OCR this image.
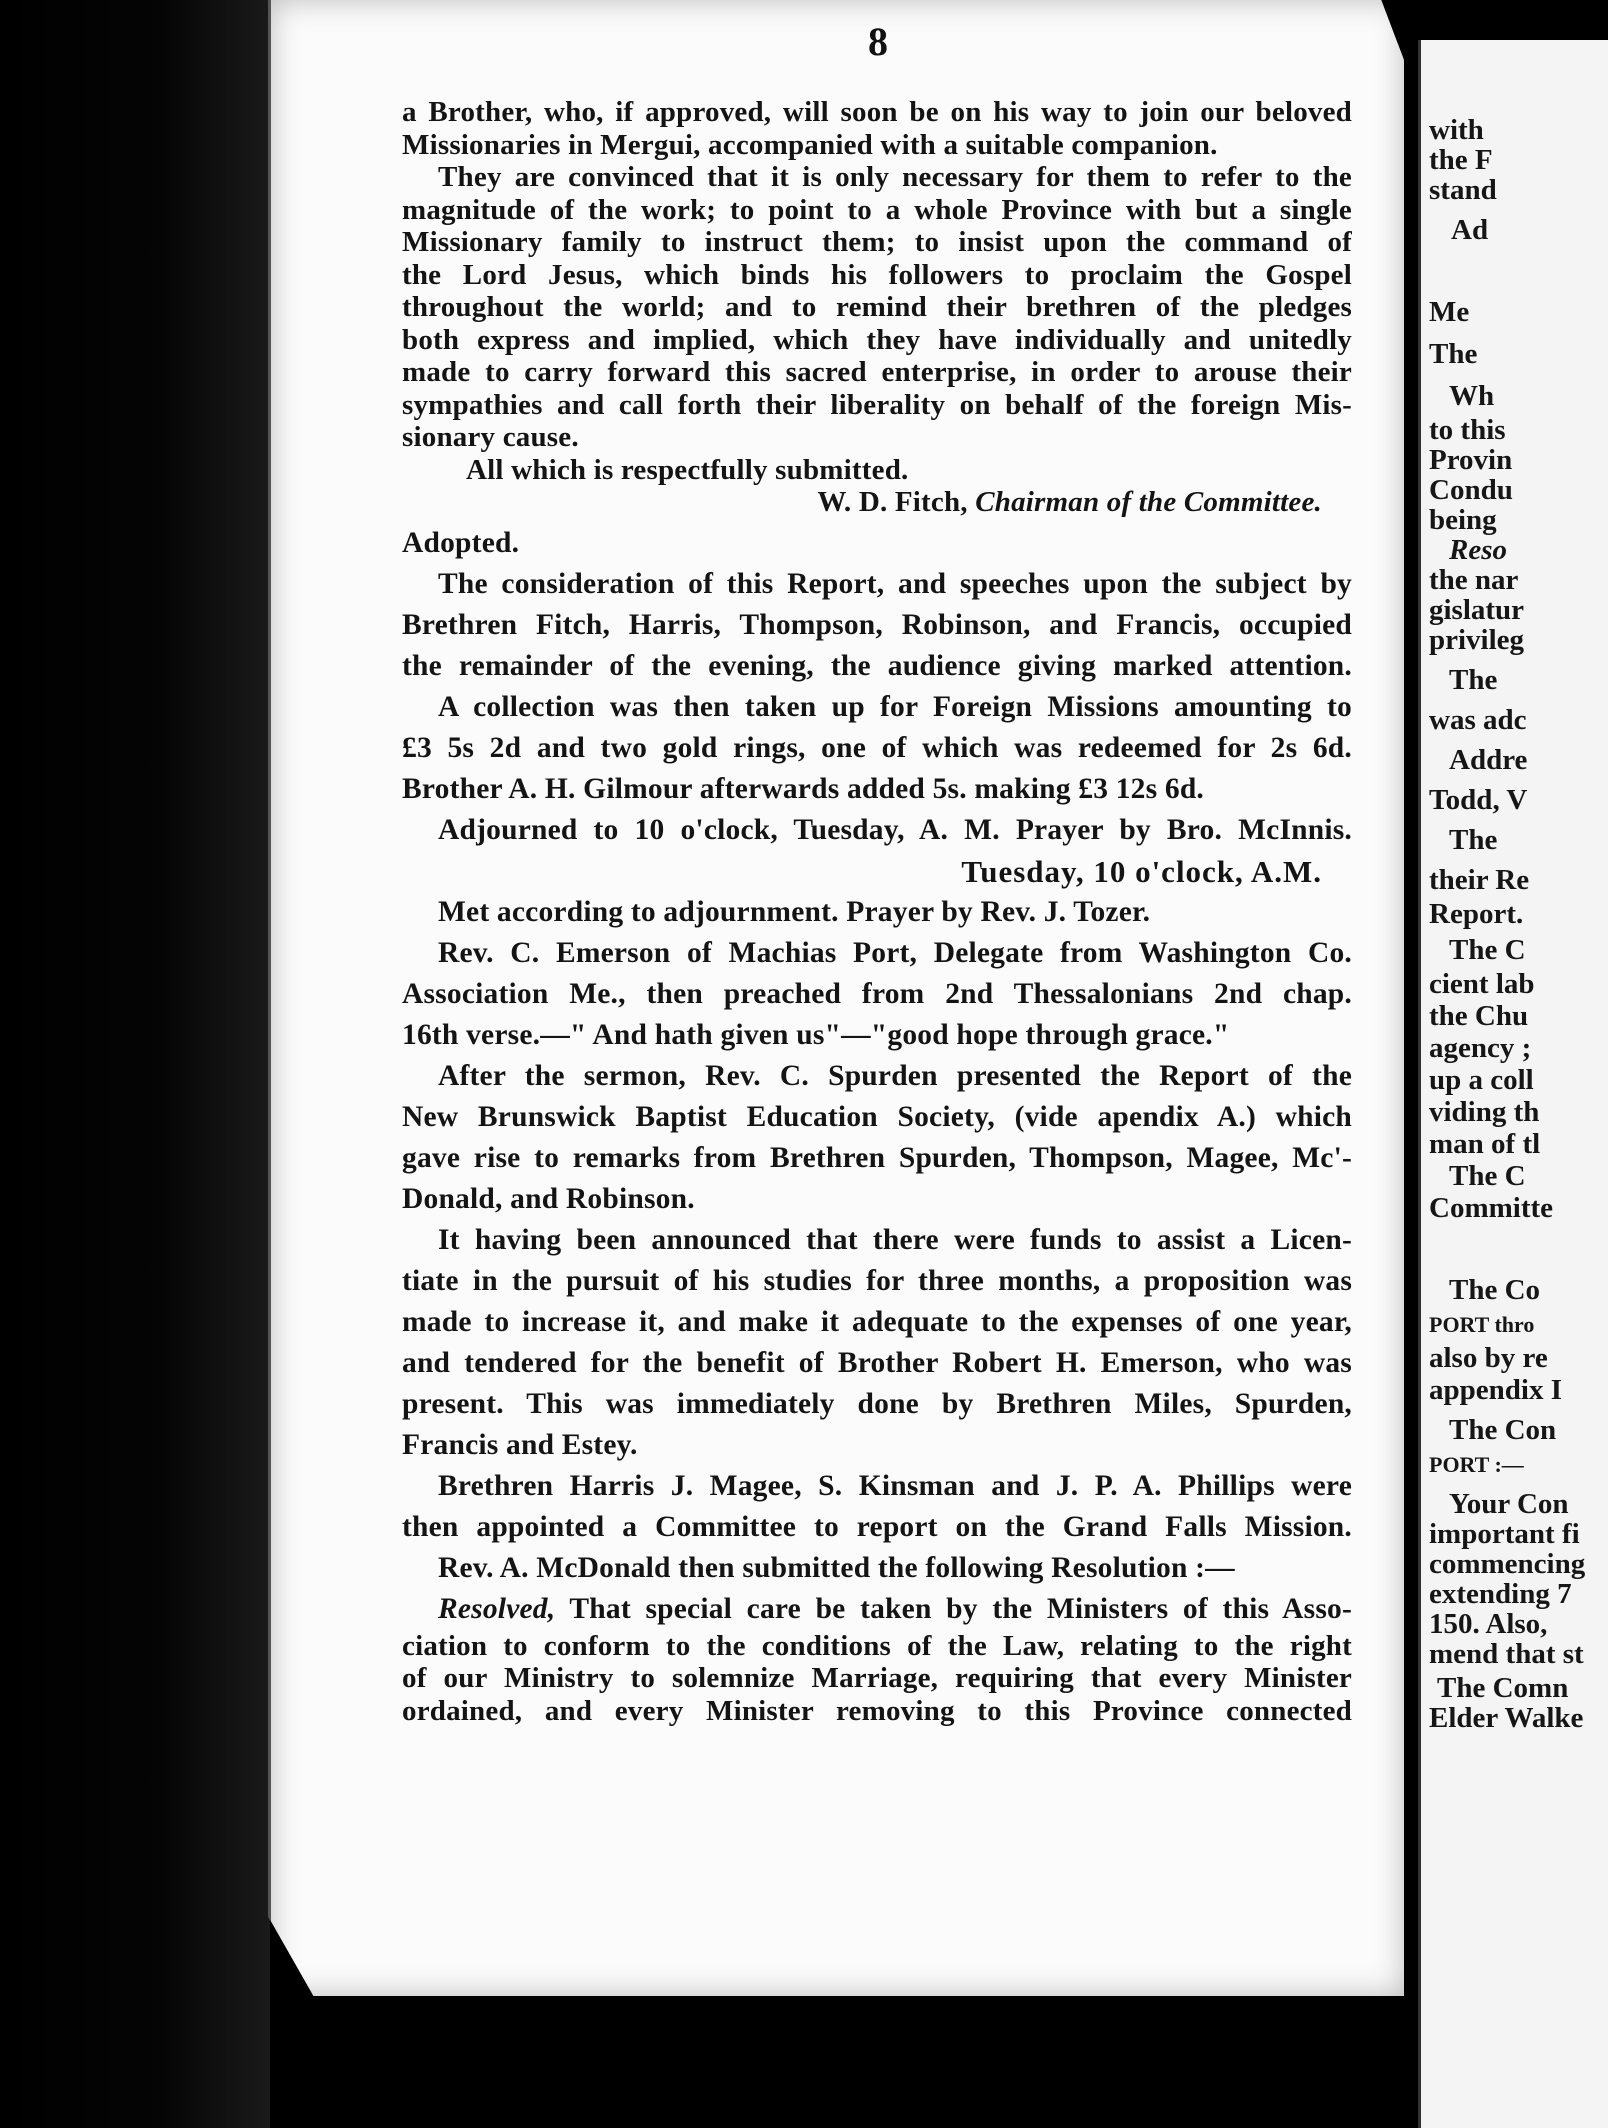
8
a Brother, who, if approved, will soon be on his way to join our beloved
Missionaries in Mergui, accompanied with a suitable companion.
They are convinced that it is only necessary for them to refer to the
magnitude of the work; to point to a whole Province with but a single
Missionary family to instruct them; to insist upon the command of
the Lord Jesus, which binds his followers to proclaim the Gospel
throughout the world; and to remind their brethren of the pledges
both express and implied, which they have individually and unitedly
made to carry forward this sacred enterprise, in order to arouse their
sympathies and call forth their liberality on behalf of the foreign Mis-
sionary cause.
All which is respectfully submitted.
W. D. Fitch, Chairman of the Committee.
Adopted.
The consideration of this Report, and speeches upon the subject by
Brethren Fitch, Harris, Thompson, Robinson, and Francis, occupied
the remainder of the evening, the audience giving marked attention.
A collection was then taken up for Foreign Missions amounting to
£3 5s 2d and two gold rings, one of which was redeemed for 2s 6d.
Brother A. H. Gilmour afterwards added 5s. making £3 12s 6d.
Adjourned to 10 o'clock, Tuesday, A. M. Prayer by Bro. McInnis.
Tuesday, 10 o'clock, A.M.
Met according to adjournment. Prayer by Rev. J. Tozer.
Rev. C. Emerson of Machias Port, Delegate from Washington Co.
Association Me., then preached from 2nd Thessalonians 2nd chap.
16th verse.—" And hath given us"—"good hope through grace."
After the sermon, Rev. C. Spurden presented the Report of the
New Brunswick Baptist Education Society, (vide apendix A.) which
gave rise to remarks from Brethren Spurden, Thompson, Magee, Mc'-
Donald, and Robinson.
It having been announced that there were funds to assist a Licen-
tiate in the pursuit of his studies for three months, a proposition was
made to increase it, and make it adequate to the expenses of one year,
and tendered for the benefit of Brother Robert H. Emerson, who was
present. This was immediately done by Brethren Miles, Spurden,
Francis and Estey.
Brethren Harris J. Magee, S. Kinsman and J. P. A. Phillips were
then appointed a Committee to report on the Grand Falls Mission.
Rev. A. McDonald then submitted the following Resolution :—
Resolved, That special care be taken by the Ministers of this Asso-
ciation to conform to the conditions of the Law, relating to the right
of our Ministry to solemnize Marriage, requiring that every Minister
ordained, and every Minister removing to this Province connected
with
the F
stand
Ad
Me
The
Wh
to this
Provin
Condu
being
Reso
the nar
gislatur
privileg
The
was adc
Addre
Todd, V
The
their Re
Report.
The C
cient lab
the Chu
agency ;
up a coll
viding th
man of tl
The C
Committe
The Co
PORT thro
also by re
appendix I
The Con
PORT :—
Your Con
important fi
commencing
extending 7
150. Also,
mend that st
The Comn
Elder Walke
